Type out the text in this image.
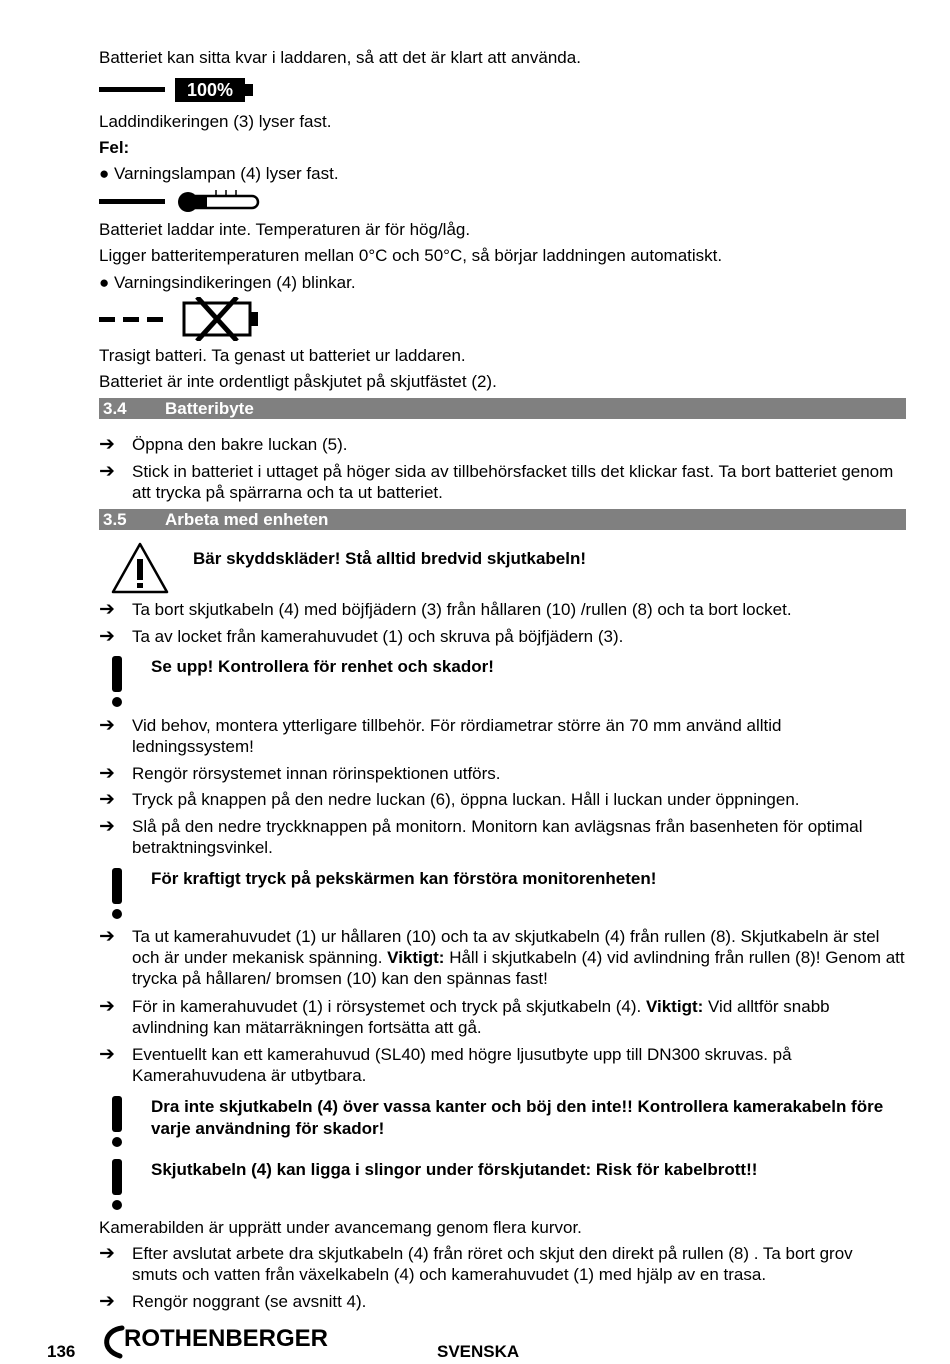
Batteriet kan sitta kvar i laddaren, så att det är klart att använda.
100%
Laddindikeringen (3) lyser fast.
Fel:
● Varningslampan (4) lyser fast.
Batteriet laddar inte. Temperaturen är för hög/låg.
Ligger batteritemperaturen mellan 0°C och 50°C, så börjar laddningen automatiskt.
● Varningsindikeringen (4) blinkar.
Trasigt batteri. Ta genast ut batteriet ur laddaren.
Batteriet är inte ordentligt påskjutet på skjutfästet (2).
3.4 Batteribyte
➔ Öppna den bakre luckan (5).
➔ Stick in batteriet i uttaget på höger sida av tillbehörsfacket tills det klickar fast. Ta bort batteriet genom att trycka på spärrarna och ta ut batteriet.
3.5 Arbeta med enheten
Bär skyddskläder! Stå alltid bredvid skjutkabeln!
➔ Ta bort skjutkabeln (4) med böjfjädern (3) från hållaren (10) /rullen (8) och ta bort locket.
➔ Ta av locket från kamerahuvudet (1) och skruva på böjfjädern (3).
Se upp! Kontrollera för renhet och skador!
➔ Vid behov, montera ytterligare tillbehör. För rördiametrar större än 70 mm använd alltid ledningssystem!
➔ Rengör rörsystemet innan rörinspektionen utförs.
➔ Tryck på knappen på den nedre luckan (6), öppna luckan. Håll i luckan under öppningen.
➔ Slå på den nedre tryckknappen på monitorn. Monitorn kan avlägsnas från basenheten för optimal betraktningsvinkel.
För kraftigt tryck på pekskärmen kan förstöra monitorenheten!
➔ Ta ut kamerahuvudet (1) ur hållaren (10) och ta av skjutkabeln (4) från rullen (8). Skjutkabeln är stel och är under mekanisk spänning. Viktigt: Håll i skjutkabeln (4) vid avlindning från rullen (8)! Genom att trycka på hållaren/ bromsen (10) kan den spännas fast!
➔ För in kamerahuvudet (1) i rörsystemet och tryck på skjutkabeln (4). Viktigt: Vid alltför snabb avlindning kan mätarräkningen fortsätta att gå.
➔ Eventuellt kan ett kamerahuvud (SL40) med högre ljusutbyte upp till DN300 skruvas. på Kamerahuvudena är utbytbara.
Dra inte skjutkabeln (4) över vassa kanter och böj den inte!! Kontrollera kamerakabeln före varje användning för skador!
Skjutkabeln (4) kan ligga i slingor under förskjutandet: Risk för kabelbrott!!
Kamerabilden är upprätt under avancemang genom flera kurvor.
➔ Efter avslutat arbete dra skjutkabeln (4) från röret och skjut den direkt på rullen (8) . Ta bort grov smuts och vatten från växelkabeln (4) och kamerahuvudet (1) med hjälp av en trasa.
➔ Rengör noggrant (se avsnitt 4).
136 ROTHENBERGER	SVENSKA
